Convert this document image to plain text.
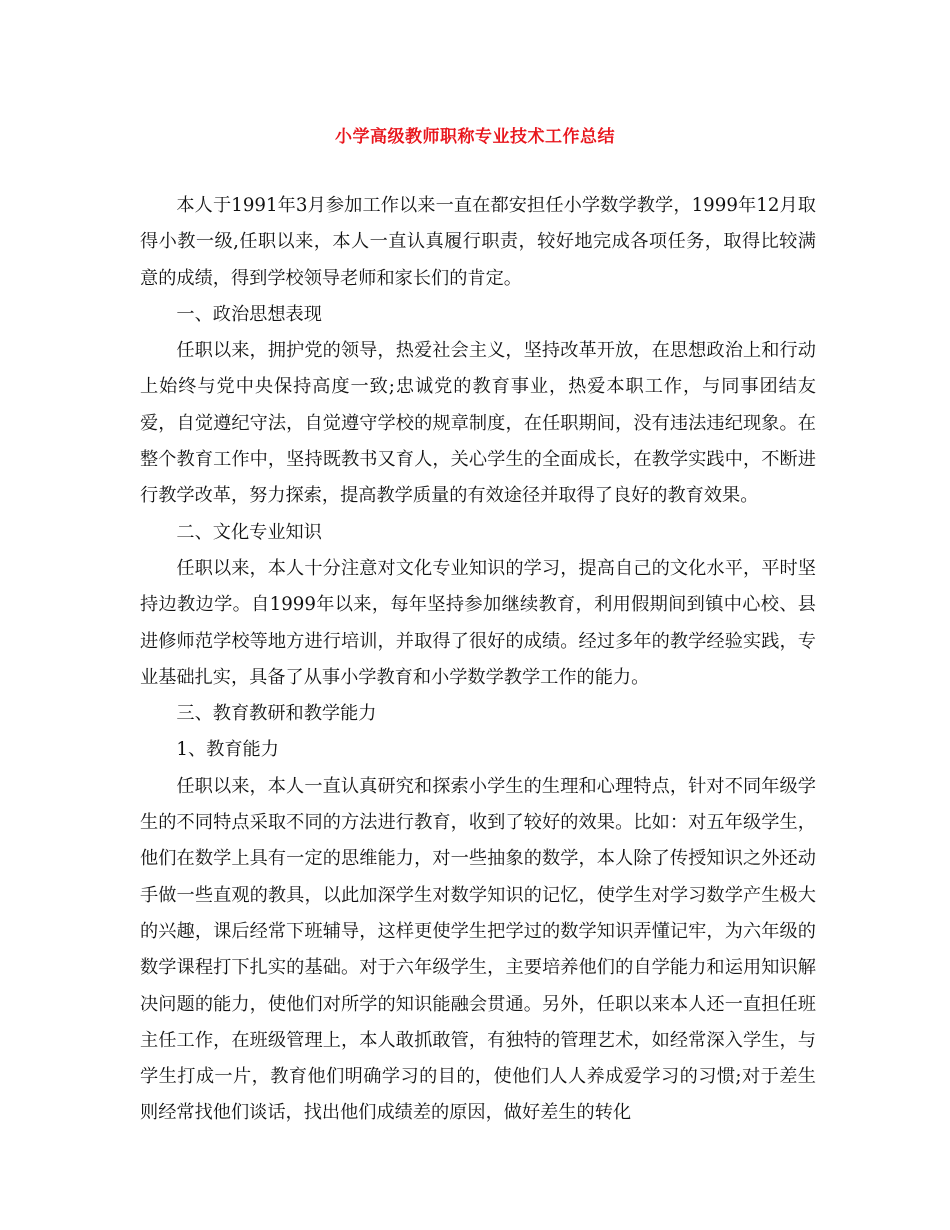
小学高级教师职称专业技术工作总结

本人于1991年3月参加工作以来一直在都安担任小学数学教学，1999年12月取得小教一级,任职以来，本人一直认真履行职责，较好地完成各项任务，取得比较满意的成绩，得到学校领导老师和家长们的肯定。

一、政治思想表现

任职以来，拥护党的领导，热爱社会主义，坚持改革开放，在思想政治上和行动上始终与党中央保持高度一致;忠诚党的教育事业，热爱本职工作，与同事团结友爱，自觉遵纪守法，自觉遵守学校的规章制度，在任职期间，没有违法违纪现象。在整个教育工作中，坚持既教书又育人，关心学生的全面成长，在教学实践中，不断进行教学改革，努力探索，提高教学质量的有效途径并取得了良好的教育效果。

二、文化专业知识

任职以来，本人十分注意对文化专业知识的学习，提高自己的文化水平，平时坚持边教边学。自1999年以来，每年坚持参加继续教育，利用假期间到镇中心校、县进修师范学校等地方进行培训，并取得了很好的成绩。经过多年的教学经验实践，专业基础扎实，具备了从事小学教育和小学数学教学工作的能力。

三、教育教研和教学能力

1、教育能力

任职以来，本人一直认真研究和探索小学生的生理和心理特点，针对不同年级学生的不同特点采取不同的方法进行教育，收到了较好的效果。比如：对五年级学生，他们在数学上具有一定的思维能力，对一些抽象的数学，本人除了传授知识之外还动手做一些直观的教具，以此加深学生对数学知识的记忆，使学生对学习数学产生极大的兴趣，课后经常下班辅导，这样更使学生把学过的数学知识弄懂记牢，为六年级的数学课程打下扎实的基础。对于六年级学生，主要培养他们的自学能力和运用知识解决问题的能力，使他们对所学的知识能融会贯通。另外，任职以来本人还一直担任班主任工作，在班级管理上，本人敢抓敢管，有独特的管理艺术，如经常深入学生，与学生打成一片，教育他们明确学习的目的，使他们人人养成爱学习的习惯;对于差生则经常找他们谈话，找出他们成绩差的原因，做好差生的转化
